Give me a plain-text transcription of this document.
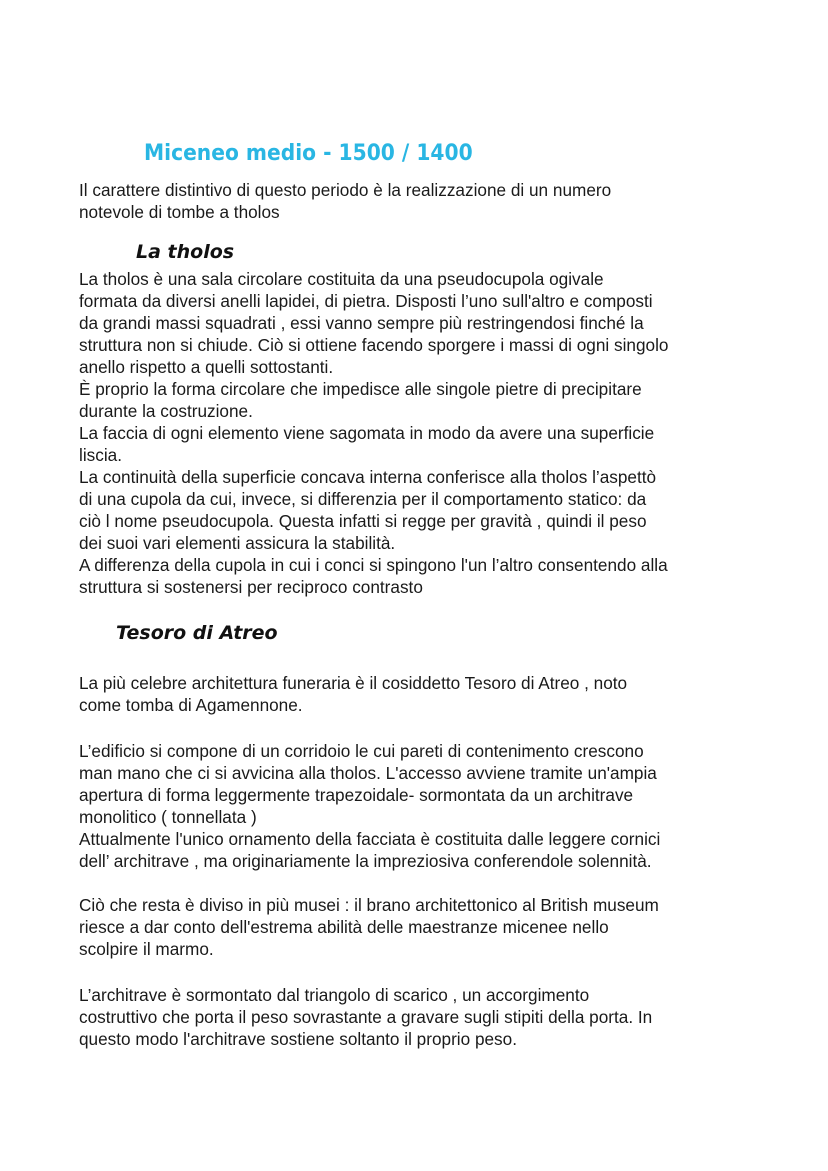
Miceneo medio - 1500 / 1400

Il carattere distintivo di questo periodo è la realizzazione di un numero
notevole di tombe a tholos

La tholos

La tholos è una sala circolare costituita da una pseudocupola ogivale
formata da diversi anelli lapidei, di pietra. Disposti l’uno sull'altro e composti
da grandi massi squadrati , essi vanno sempre più restringendosi finché la
struttura non si chiude. Ciò si ottiene facendo sporgere i massi di ogni singolo
anello rispetto a quelli sottostanti.
È proprio la forma circolare che impedisce alle singole pietre di precipitare
durante la costruzione.
La faccia di ogni elemento viene sagomata in modo da avere una superficie
liscia.
La continuità della superficie concava interna conferisce alla tholos l’aspettò
di una cupola da cui, invece, si differenzia per il comportamento statico: da
ciò l nome pseudocupola. Questa infatti si regge per gravità , quindi il peso
dei suoi vari elementi assicura la stabilità.
A differenza della cupola in cui i conci si spingono l'un l’altro consentendo alla
struttura si sostenersi per reciproco contrasto

Tesoro di Atreo

La più celebre architettura funeraria è il cosiddetto Tesoro di Atreo , noto
come tomba di Agamennone.

L’edificio si compone di un corridoio le cui pareti di contenimento crescono
man mano che ci si avvicina alla tholos. L'accesso avviene tramite un'ampia
apertura di forma leggermente trapezoidale- sormontata da un architrave
monolitico ( tonnellata )
Attualmente l'unico ornamento della facciata è costituita dalle leggere cornici
dell’ architrave , ma originariamente la impreziosiva conferendole solennità.

Ciò che resta è diviso in più musei : il brano architettonico al British museum
riesce a dar conto dell'estrema abilità delle maestranze micenee nello
scolpire il marmo.

L’architrave è sormontato dal triangolo di scarico , un accorgimento
costruttivo che porta il peso sovrastante a gravare sugli stipiti della porta. In
questo modo l'architrave sostiene soltanto il proprio peso.
